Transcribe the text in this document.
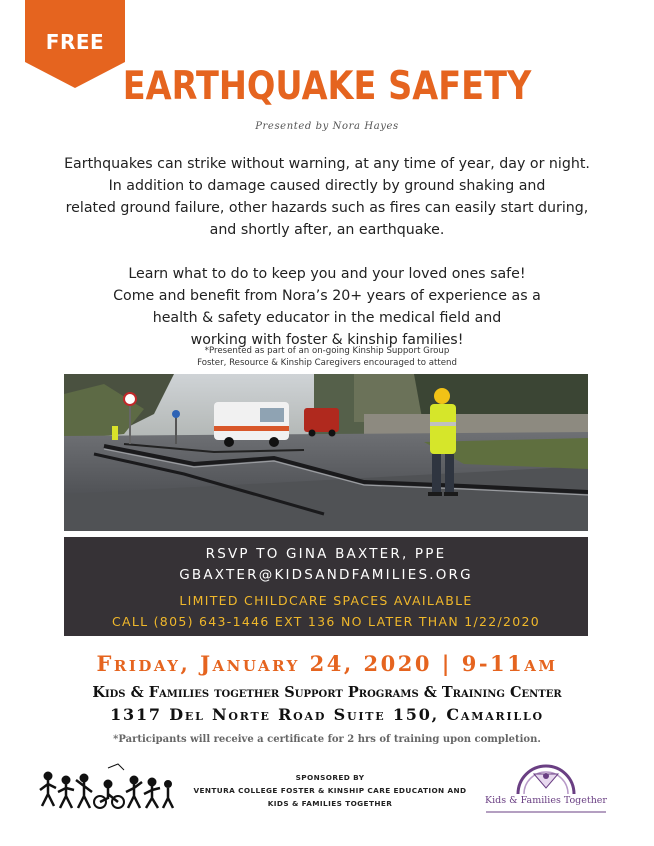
FREE
EARTHQUAKE SAFETY
Presented by Nora Hayes

Earthquakes can strike without warning, at any time of year, day or night.

In addition to damage caused directly by ground shaking and

related ground failure, other hazards such as fires can easily start during,

and shortly after, an earthquake.

Learn what to do to keep you and your loved ones safe!

Come and benefit from Nora’s 20+ years of experience as a

health & safety educator in the medical field and

working with foster & kinship families!

*Presented as part of an on-going Kinship Support Group
Foster, Resource & Kinship Caregivers encouraged to attend
RSVP TO GINA BAXTER, PPE
GBAXTER@KIDSANDFAMILIES.ORG
LIMITED CHILDCARE SPACES AVAILABLE
CALL (805) 643-1446 EXT 136 NO LATER THAN 1/22/2020
Friday, January 24, 2020 | 9-11am
Kids & Families together Support Programs & Training Center
1317 Del Norte Road Suite 150, Camarillo
*Participants will receive a certificate for 2 hrs of training upon completion.
SPONSORED BY
VENTURA COLLEGE FOSTER & KINSHIP CARE EDUCATION AND
KIDS & FAMILIES TOGETHER	Kids & Families Together
